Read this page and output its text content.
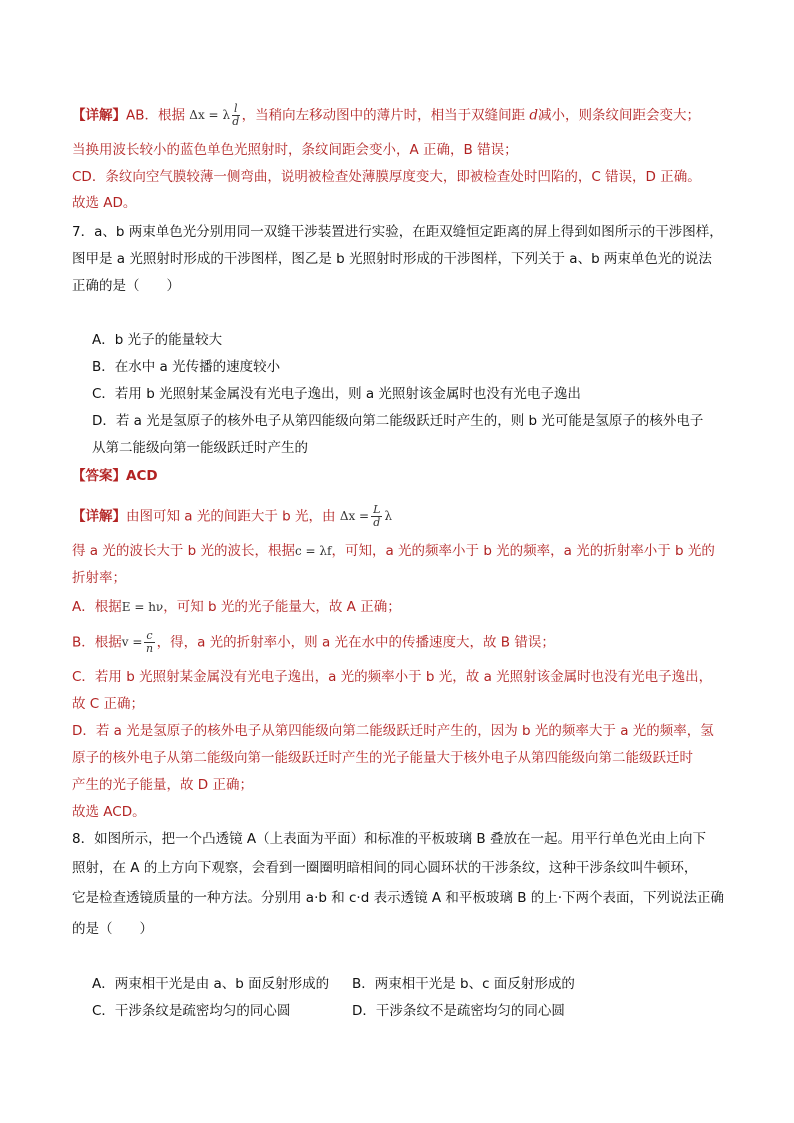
【详解】AB．根据 Δx = λ $\frac{l}{d}$ ，当稍向左移动图中的薄片时，相当于双缝间距 d减小，则条纹间距会变大；
当换用波长较小的蓝色单色光照射时，条纹间距会变小，A 正确，B 错误；
CD．条纹向空气膜较薄一侧弯曲，说明被检查处薄膜厚度变大，即被检查处时凹陷的，C 错误，D 正确。
故选 AD。
7．a、b 两束单色光分别用同一双缝干涉装置进行实验，在距双缝恒定距离的屏上得到如图所示的干涉图样，
图甲是 a 光照射时形成的干涉图样，图乙是 b 光照射时形成的干涉图样，下列关于 a、b 两束单色光的说法
正确的是（　　）
A．b 光子的能量较大
B．在水中 a 光传播的速度较小
C．若用 b 光照射某金属没有光电子逸出，则 a 光照射该金属时也没有光电子逸出
D．若 a 光是氢原子的核外电子从第四能级向第二能级跃迁时产生的，则 b 光可能是氢原子的核外电子
从第二能级向第一能级跃迁时产生的
【答案】ACD
【详解】由图可知 a 光的间距大于 b 光，由 $\Delta x = \frac{L}{d}$ λ
得 a 光的波长大于 b 光的波长，根据c = λf，可知，a 光的频率小于 b 光的频率，a 光的折射率小于 b 光的
折射率；
A．根据E = hν，可知 b 光的光子能量大，故 A 正确；
B．根据$v = \frac{c}{n}$ ，得，a 光的折射率小，则 a 光在水中的传播速度大，故 B 错误；
C．若用 b 光照射某金属没有光电子逸出，a 光的频率小于 b 光，故 a 光照射该金属时也没有光电子逸出，
故 C 正确；
D．若 a 光是氢原子的核外电子从第四能级向第二能级跃迁时产生的，因为 b 光的频率大于 a 光的频率，氢
原子的核外电子从第二能级向第一能级跃迁时产生的光子能量大于核外电子从第四能级向第二能级跃迁时
产生的光子能量，故 D 正确；
故选 ACD。
8．如图所示，把一个凸透镜 A（上表面为平面）和标准的平板玻璃 B 叠放在一起。用平行单色光由上向下
照射，在 A 的上方向下观察，会看到一圈圈明暗相间的同心圆环状的干涉条纹，这种干涉条纹叫牛顿环，
它是检查透镜质量的一种方法。分别用 a·b 和 c·d 表示透镜 A 和平板玻璃 B 的上·下两个表面，下列说法正确
的是（　　）
A．两束相干光是由 a、b 面反射形成的 B．两束相干光是 b、c 面反射形成的
C．干涉条纹是疏密均匀的同心圆	D．干涉条纹不是疏密均匀的同心圆
